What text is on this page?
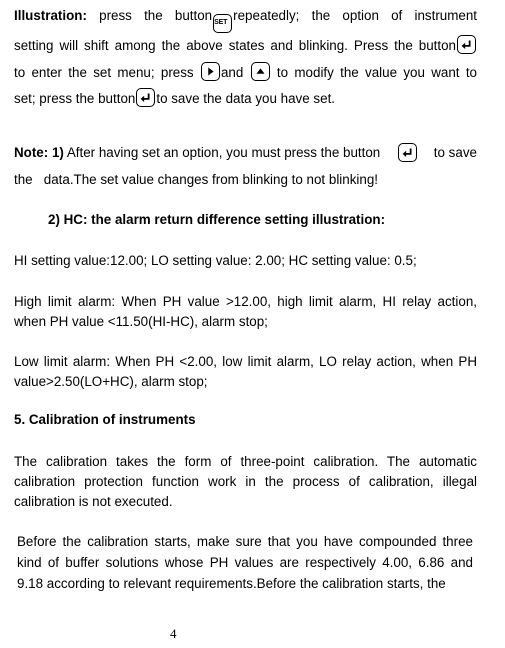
Illustration: press the button SET repeatedly; the option of instrument
setting will shift among the above states and blinking. Press the button
to enter the set menu; press and	to modify the value you want to
set; press the button to save the data you have set.
Note: 1) After having set an option, you must press the button	to save
the   data.The set value changes from blinking to not blinking!
2) HC: the alarm return difference setting illustration:
HI setting value:12.00; LO setting value: 2.00; HC setting value: 0.5;
High limit alarm: When PH value >12.00, high limit alarm, HI relay action, when PH value <11.50(HI-HC), alarm stop;
Low limit alarm: When PH <2.00, low limit alarm, LO relay action, when PH value>2.50(LO+HC), alarm stop;
5. Calibration of instruments
The calibration takes the form of three-point calibration. The automatic calibration protection function work in the process of calibration, illegal calibration is not executed.
Before the calibration starts, make sure that you have compounded three kind of buffer solutions whose PH values are respectively 4.00, 6.86 and 9.18 according to relevant requirements.Before the calibration starts, the
4
